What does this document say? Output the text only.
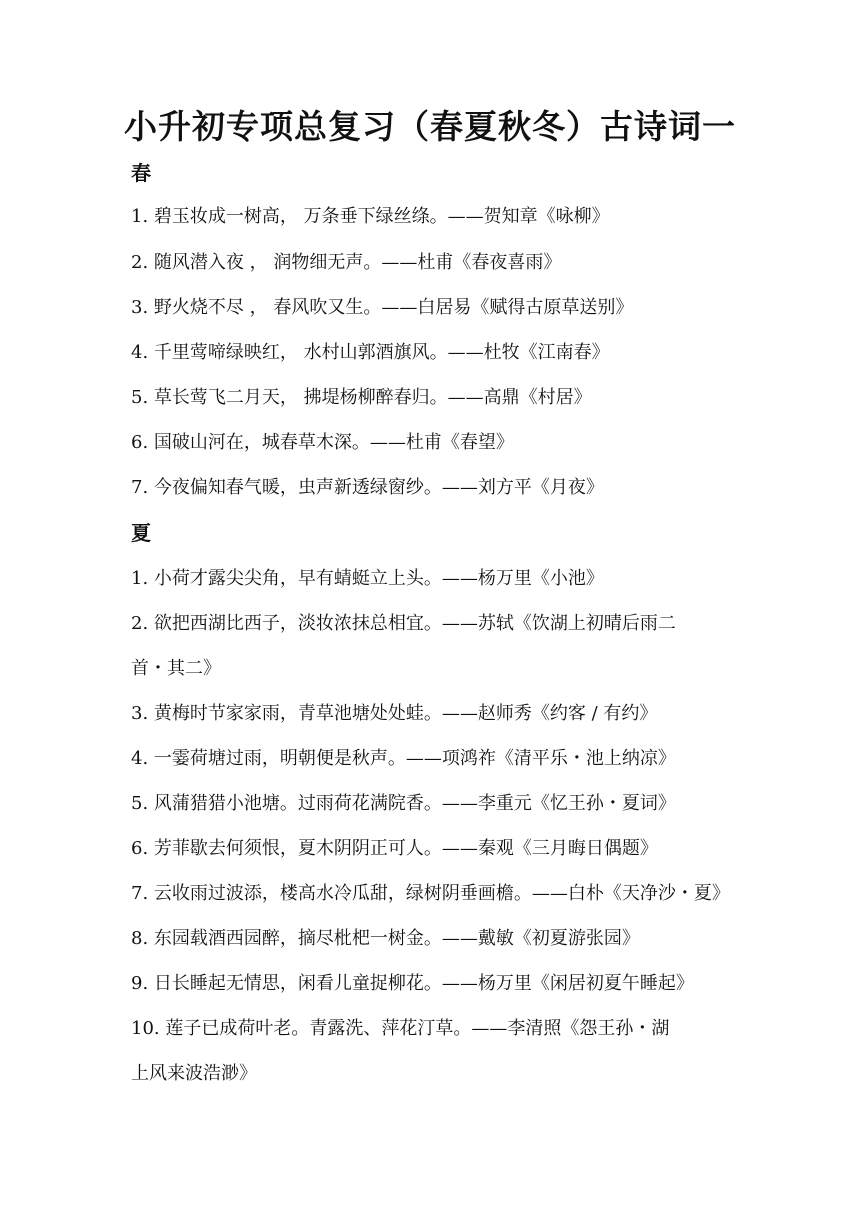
小升初专项总复习（春夏秋冬）古诗词一
春
1. 碧玉妆成一树高， 万条垂下绿丝绦。——贺知章《咏柳》
2. 随风潜入夜 ， 润物细无声。——杜甫《春夜喜雨》
3. 野火烧不尽 ， 春风吹又生。——白居易《赋得古原草送别》
4. 千里莺啼绿映红， 水村山郭酒旗风。——杜牧《江南春》
5. 草长莺飞二月天， 拂堤杨柳醉春归。——高鼎《村居》
6. 国破山河在，城春草木深。——杜甫《春望》
7. 今夜偏知春气暖，虫声新透绿窗纱。——刘方平《月夜》
夏
1. 小荷才露尖尖角，早有蜻蜓立上头。——杨万里《小池》
2. 欲把西湖比西子，淡妆浓抹总相宜。——苏轼《饮湖上初晴后雨二
首・其二》
3. 黄梅时节家家雨，青草池塘处处蛙。——赵师秀《约客 / 有约》
4. 一霎荷塘过雨，明朝便是秋声。——项鸿祚《清平乐・池上纳凉》
5. 风蒲猎猎小池塘。过雨荷花满院香。——李重元《忆王孙・夏词》
6. 芳菲歇去何须恨，夏木阴阴正可人。——秦观《三月晦日偶题》
7. 云收雨过波添，楼高水冷瓜甜，绿树阴垂画檐。——白朴《天净沙・夏》
8. 东园载酒西园醉，摘尽枇杷一树金。——戴敏《初夏游张园》
9. 日长睡起无情思，闲看儿童捉柳花。——杨万里《闲居初夏午睡起》
10. 莲子已成荷叶老。青露洗、萍花汀草。——李清照《怨王孙・湖
上风来波浩渺》
